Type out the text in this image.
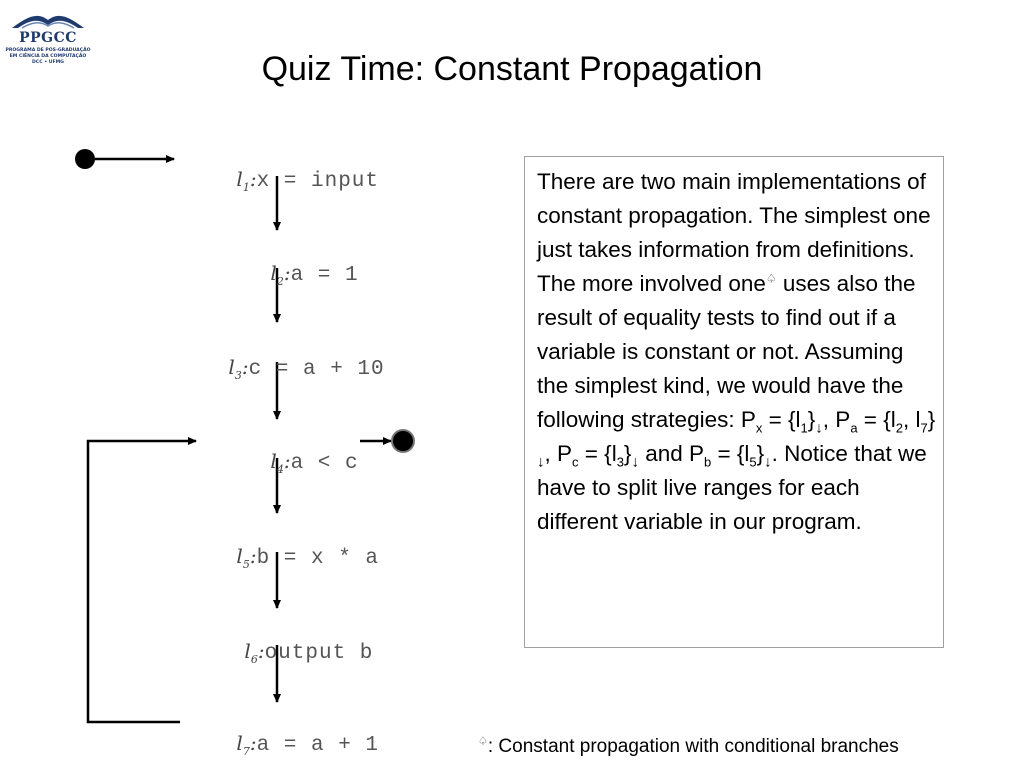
PPGCC
PROGRAMA DE PÓS-GRADUAÇÃO
EM CIÊNCIA DA COMPUTAÇÃO
DCC • UFMG	Quiz Time: Constant Propagation

$l_1:x$ = input

$l_2:a = 1$

$l_3:c = a + 10$

$l_4:a < c$

$l_5:b = x * a$

$l_6:output$ b

$l_7:a = a + 1$

There are two main implementations of constant propagation. The simplest one just takes information from definitions. The more involved one♤ uses also the result of equality tests to find out if a variable is constant or not. Assuming the simplest kind, we would have the following strategies: $P_x = \{l_1\}_↓$, $P_a = \{l_2$, $l_7\}_↓$, $P_c = \{l_3\}_↓$ and $P_b = \{l_5\}_↓$. Notice that we have to split live ranges for each different variable in our program.

♤: Constant propagation with conditional branches
